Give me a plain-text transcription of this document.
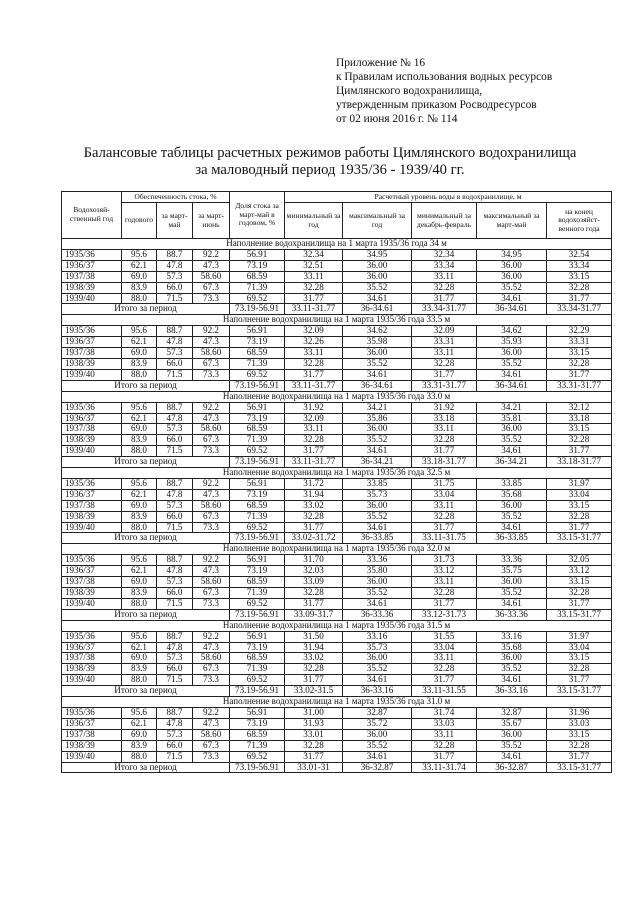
Приложение № 16
к Правилам использования водных ресурсов
Цимлянского водохранилища,
утвержденным приказом Росводресурсов
от 02 июня 2016 г. № 114
Балансовые таблицы расчетных режимов работы Цимлянского водохранилища
за маловодный период 1935/36 - 1939/40 гг.
Водохозяй-ственный год	Обеспеченность стока, %			Доля стока за март-май в годовом, %	Расчетный уровень воды в водохранилище, м				
	годового	за март-май	за март-июнь		минимальный за год	максимальный за год	минимальный за декабрь-февраль	максимальный за март-май	на конец водохозяйст-венного года
Наполнение водохранилища на 1 марта 1935/36 года 34 м									
1935/36	95.6	88.7	92.2	56.91	32.34	34.95	32.34	34.95	32.54
1936/37	62.1	47.8	47.3	73.19	32.51	36.00	33.34	36.00	33.34
1937/38	69.0	57.3	58.60	68.59	33.11	36.00	33.11	36.00	33.15
1938/39	83.9	66.0	67.3	71.39	32.28	35.52	32.28	35.52	32.28
1939/40	88.0	71.5	73.3	69.52	31.77	34.61	31.77	34.61	31.77
Итого за период				73.19-56.91	33.11-31.77	36-34.61	33.34-31.77	36-34.61	33.34-31.77
Наполнение водохранилища на 1 марта 1935/36 года 33.5 м									
1935/36	95.6	88.7	92.2	56.91	32.09	34.62	32.09	34.62	32.29
1936/37	62.1	47.8	47.3	73.19	32.26	35.98	33.31	35.93	33.31
1937/38	69.0	57.3	58.60	68.59	33.11	36.00	33.11	36.00	33.15
1938/39	83.9	66.0	67.3	71.39	32.28	35.52	32.28	35.52	32.28
1939/40	88.0	71.5	73.3	69.52	31.77	34.61	31.77	34.61	31.77
Итого за период				73.19-56.91	33.11-31.77	36-34.61	33.31-31.77	36-34.61	33.31-31.77
Наполнение водохранилища на 1 марта 1935/36 года 33.0 м									
1935/36	95.6	88.7	92.2	56.91	31.92	34.21	31.92	34.21	32.12
1936/37	62.1	47.8	47.3	73.19	32.09	35.86	33.18	35.81	33.18
1937/38	69.0	57.3	58.60	68.59	33.11	36.00	33.11	36.00	33.15
1938/39	83.9	66.0	67.3	71.39	32.28	35.52	32.28	35.52	32.28
1939/40	88.0	71.5	73.3	69.52	31.77	34.61	31.77	34.61	31.77
Итого за период				73.19-56.91	33.11-31.77	36-34.21	33.18-31.77	36-34.21	33.18-31.77
Наполнение водохранилища на 1 марта 1935/36 года 32.5 м									
1935/36	95.6	88.7	92.2	56.91	31.72	33.85	31.75	33.85	31.97
1936/37	62.1	47.8	47.3	73.19	31.94	35.73	33.04	35.68	33.04
1937/38	69.0	57.3	58.60	68.59	33.02	36.00	33.11	36.00	33.15
1938/39	83.9	66.0	67.3	71.39	32.28	35.52	32.28	35.52	32.28
1939/40	88.0	71.5	73.3	69.52	31.77	34.61	31.77	34.61	31.77
Итого за период				73.19-56.91	33.02-31.72	36-33.85	33.11-31.75	36-33.85	33.15-31.77
Наполнение водохранилища на 1 марта 1935/36 года 32.0 м									
1935/36	95.6	88.7	92.2	56.91	31.70	33.36	31.73	33.36	32.05
1936/37	62.1	47.8	47.3	73.19	32.03	35.80	33.12	35.75	33.12
1937/38	69.0	57.3	58.60	68.59	33.09	36.00	33.11	36.00	33.15
1938/39	83.9	66.0	67.3	71.39	32.28	35.52	32.28	35.52	32.28
1939/40	88.0	71.5	73.3	69.52	31.77	34.61	31.77	34.61	31.77
Итого за период				73.19-56.91	33.09-31.7	36-33.36	33.12-31.73	36-33.36	33.15-31.77
Наполнение водохранилища на 1 марта 1935/36 года 31.5 м									
1935/36	95.6	88.7	92.2	56.91	31.50	33.16	31.55	33.16	31.97
1936/37	62.1	47.8	47.3	73.19	31.94	35.73	33.04	35.68	33.04
1937/38	69.0	57.3	58.60	68.59	33.02	36.00	33.11	36.00	33.15
1938/39	83.9	66.0	67.3	71.39	32.28	35.52	32.28	35.52	32.28
1939/40	88.0	71.5	73.3	69.52	31.77	34.61	31.77	34.61	31.77
Итого за период				73.19-56.91	33.02-31.5	36-33.16	33.11-31.55	36-33.16	33.15-31.77
Наполнение водохранилища на 1 марта 1935/36 года 31.0 м									
1935/36	95.6	88.7	92.2	56.91	31.00	32.87	31.74	32.87	31.96
1936/37	62.1	47.8	47.3	73.19	31.93	35.72	33.03	35.67	33.03
1937/38	69.0	57.3	58.60	68.59	33.01	36.00	33.11	36.00	33.15
1938/39	83.9	66.0	67.3	71.39	32.28	35.52	32.28	35.52	32.28
1939/40	88.0	71.5	73.3	69.52	31.77	34.61	31.77	34.61	31.77
Итого за период				73.19-56.91	33.01-31	36-32.87	33.11-31.74	36-32.87	33.15-31.77
